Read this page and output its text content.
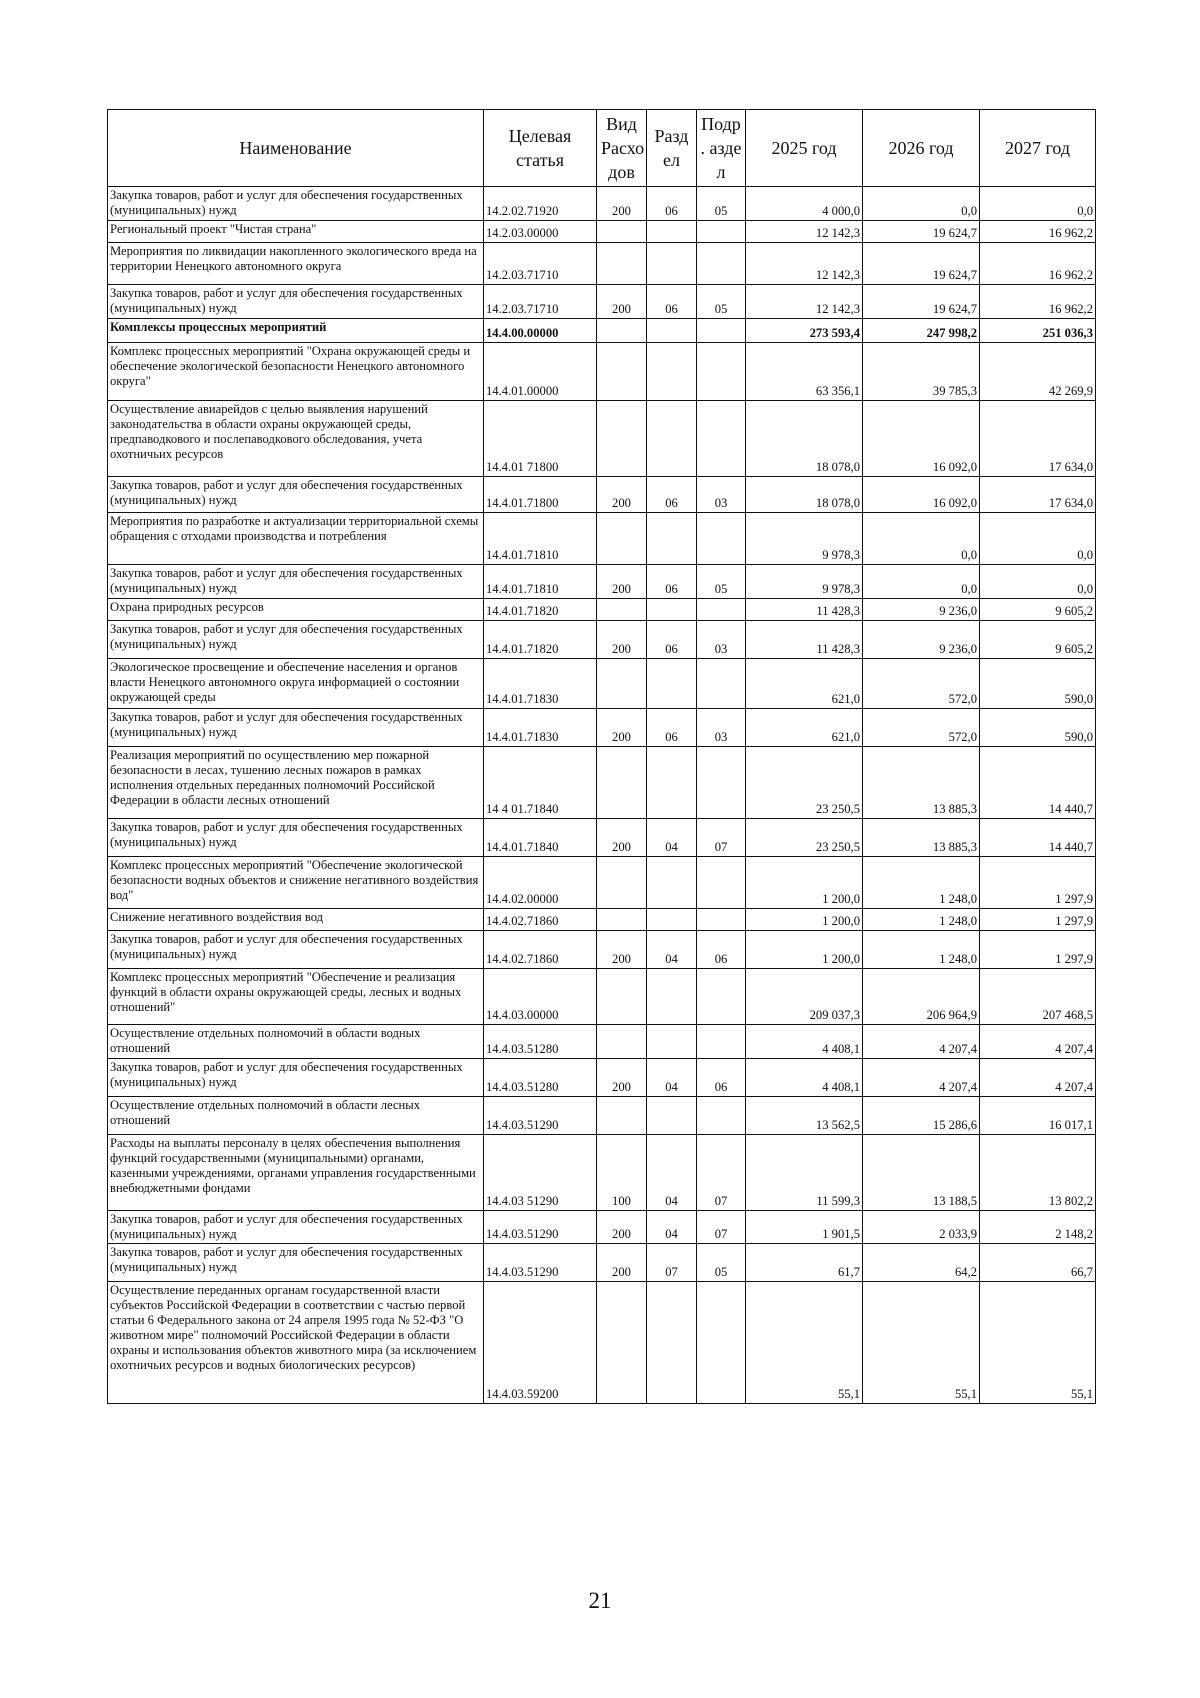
Наименование	Целевая статья	Вид Расхо дов	Разд ел	Подр . азде л	2025 год	2026 год	2027 год
Закупка товаров, работ и услуг для обеспечения государственных (муниципальных) нужд	14.2.02.71920	200	06	05	4 000,0	0,0	0,0
Региональный проект "Чистая страна"	14.2.03.00000				12 142,3	19 624,7	16 962,2
Мероприятия по ликвидации накопленного экологического вреда на территории Ненецкого автономного округа	14.2.03.71710				12 142,3	19 624,7	16 962,2
Закупка товаров, работ и услуг для обеспечения государственных (муниципальных) нужд	14.2.03.71710	200	06	05	12 142,3	19 624,7	16 962,2
Комплексы процессных мероприятий	14.4.00.00000				273 593,4	247 998,2	251 036,3
Комплекс процессных мероприятий "Охрана окружающей среды и обеспечение экологической безопасности Ненецкого автономного округа"	14.4.01.00000				63 356,1	39 785,3	42 269,9
Осуществление авиарейдов с целью выявления нарушений законодательства в области охраны окружающей среды, предпаводкового и послепаводкового обследования, учета охотничьих ресурсов	14.4.01 71800				18 078,0	16 092,0	17 634,0
Закупка товаров, работ и услуг для обеспечения государственных (муниципальных) нужд	14.4.01.71800	200	06	03	18 078,0	16 092,0	17 634,0
Мероприятия по разработке и актуализации территориальной схемы обращения с отходами производства и потребления	14.4.01.71810				9 978,3	0,0	0,0
Закупка товаров, работ и услуг для обеспечения государственных (муниципальных) нужд	14.4.01.71810	200	06	05	9 978,3	0,0	0,0
Охрана природных ресурсов	14.4.01.71820				11 428,3	9 236,0	9 605,2
Закупка товаров, работ и услуг для обеспечения государственных (муниципальных) нужд	14.4.01.71820	200	06	03	11 428,3	9 236,0	9 605,2
Экологическое просвещение и обеспечение населения и органов власти Ненецкого автономного округа информацией о состоянии окружающей среды	14.4.01.71830				621,0	572,0	590,0
Закупка товаров, работ и услуг для обеспечения государственных (муниципальных) нужд	14.4.01.71830	200	06	03	621,0	572,0	590,0
Реализация мероприятий по осуществлению мер пожарной безопасности в лесах, тушению лесных пожаров в рамках исполнения отдельных переданных полномочий Российской Федерации в области лесных отношений	14 4 01.71840				23 250,5	13 885,3	14 440,7
Закупка товаров, работ и услуг для обеспечения государственных (муниципальных) нужд	14.4.01.71840	200	04	07	23 250,5	13 885,3	14 440,7
Комплекс процессных мероприятий "Обеспечение экологической безопасности водных объектов и снижение негативного воздействия вод"	14.4.02.00000				1 200,0	1 248,0	1 297,9
Снижение негативного воздействия вод	14.4.02.71860				1 200,0	1 248,0	1 297,9
Закупка товаров, работ и услуг для обеспечения государственных (муниципальных) нужд	14.4.02.71860	200	04	06	1 200,0	1 248,0	1 297,9
Комплекс процессных мероприятий "Обеспечение и реализация функций в области охраны окружающей среды, лесных и водных отношений"	14.4.03.00000				209 037,3	206 964,9	207 468,5
Осуществление отдельных полномочий в области водных отношений	14.4.03.51280				4 408,1	4 207,4	4 207,4
Закупка товаров, работ и услуг для обеспечения государственных (муниципальных) нужд	14.4.03.51280	200	04	06	4 408,1	4 207,4	4 207,4
Осуществление отдельных полномочий в области лесных отношений	14.4.03.51290				13 562,5	15 286,6	16 017,1
Расходы на выплаты персоналу в целях обеспечения выполнения функций государственными (муниципальными) органами, казенными учреждениями, органами управления государственными внебюджетными фондами	14.4.03 51290	100	04	07	11 599,3	13 188,5	13 802,2
Закупка товаров, работ и услуг для обеспечения государственных (муниципальных) нужд	14.4.03.51290	200	04	07	1 901,5	2 033,9	2 148,2
Закупка товаров, работ и услуг для обеспечения государственных (муниципальных) нужд	14.4.03.51290	200	07	05	61,7	64,2	66,7
Осуществление переданных органам государственной власти субъектов Российской Федерации в соответствии с частью первой статьи 6 Федерального закона от 24 апреля 1995 года № 52-ФЗ "О животном мире" полномочий Российской Федерации в области охраны и использования объектов животного мира (за исключением охотничьих ресурсов и водных биологических ресурсов)	14.4.03.59200				55,1	55,1	55,1
21
